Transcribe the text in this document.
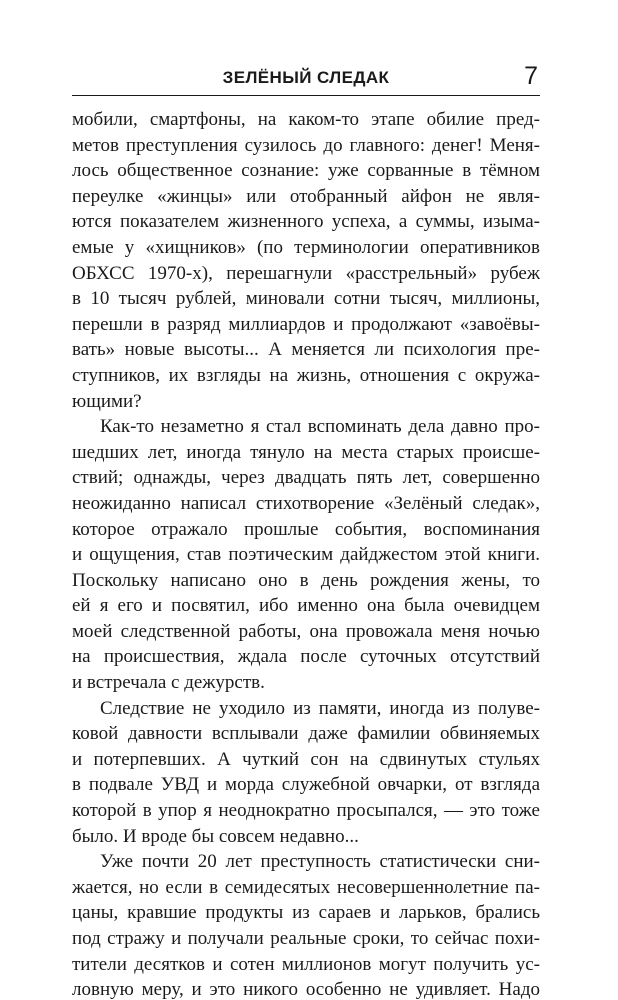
ЗЕЛЁНЫЙ СЛЕДАК	7
мобили, смартфоны, на каком-то этапе обилие пред-
метов преступления сузилось до главного: денег! Меня-
лось общественное сознание: уже сорванные в тёмном
переулке «жинцы» или отобранный айфон не явля-
ются показателем жизненного успеха, а суммы, изыма-
емые у «хищников» (по терминологии оперативников
ОБХСС 1970-х), перешагнули «расстрельный» рубеж
в 10 тысяч рублей, миновали сотни тысяч, миллионы,
перешли в разряд миллиардов и продолжают «завоёвы-
вать» новые высоты... А меняется ли психология пре-
ступников, их взгляды на жизнь, отношения с окружа-
ющими?
Как-то незаметно я стал вспоминать дела давно про-
шедших лет, иногда тянуло на места старых происше-
ствий; однажды, через двадцать пять лет, совершенно
неожиданно написал стихотворение «Зелёный следак»,
которое отражало прошлые события, воспоминания
и ощущения, став поэтическим дайджестом этой книги.
Поскольку написано оно в день рождения жены, то
ей я его и посвятил, ибо именно она была очевидцем
моей следственной работы, она провожала меня ночью
на происшествия, ждала после суточных отсутствий
и встречала с дежурств.
Следствие не уходило из памяти, иногда из полуве-
ковой давности всплывали даже фамилии обвиняемых
и потерпевших. А чуткий сон на сдвинутых стульях
в подвале УВД и морда служебной овчарки, от взгляда
которой в упор я неоднократно просыпался, — это тоже
было. И вроде бы совсем недавно...
Уже почти 20 лет преступность статистически сни-
жается, но если в семидесятых несовершеннолетние па-
цаны, кравшие продукты из сараев и ларьков, брались
под стражу и получали реальные сроки, то сейчас похи-
тители десятков и сотен миллионов могут получить ус-
ловную меру, и это никого особенно не удивляет. Надо
